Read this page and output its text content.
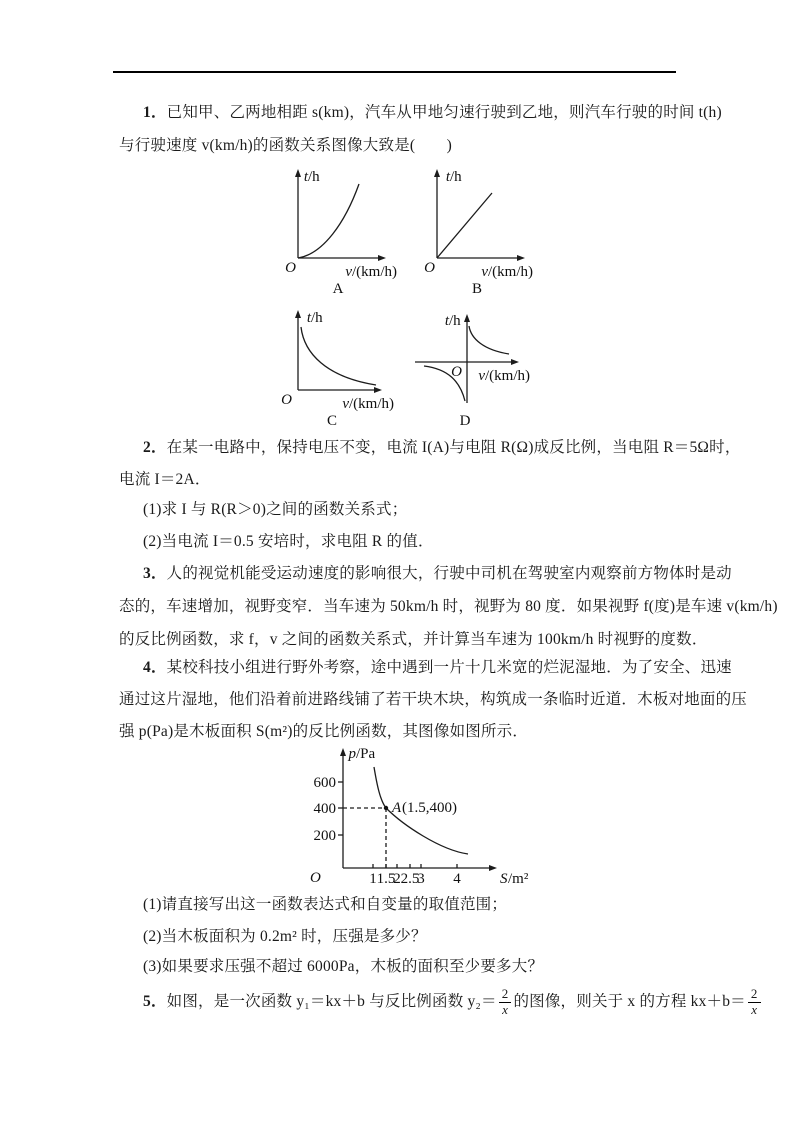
1．已知甲、乙两地相距 s(km)，汽车从甲地匀速行驶到乙地，则汽车行驶的时间 t(h)
与行驶速度 v(km/h)的函数关系图像大致是(　　)
t /h
O	v /(km/h)
A
t /h
O	v /(km/h)
B
t /h
O	v /(km/h)
C
t /h
O v /(km/h)
D
2．在某一电路中，保持电压不变，电流 I(A)与电阻 R(Ω)成反比例，当电阻 R＝5Ω时，
电流 I＝2A．
(1)求 I 与 R(R＞0)之间的函数关系式；
(2)当电流 I＝0.5 安培时，求电阻 R 的值．
3．人的视觉机能受运动速度的影响很大，行驶中司机在驾驶室内观察前方物体时是动
态的，车速增加，视野变窄．当车速为 50km/h 时，视野为 80 度．如果视野 f(度)是车速 v(km/h)
的反比例函数，求 f，v 之间的函数关系式，并计算当车速为 100km/h 时视野的度数．
4．某校科技小组进行野外考察，途中遇到一片十几米宽的烂泥湿地．为了安全、迅速
通过这片湿地，他们沿着前进路线铺了若干块木块，构筑成一条临时近道．木板对地面的压
强 p(Pa)是木板面积 S(m²)的反比例函数，其图像如图所示．
A (1.5,400)
p /Pa
S /m²
600
400
200
1 1.5
2 2.5
3 4
O
(1)请直接写出这一函数表达式和自变量的取值范围；
(2)当木板面积为 0.2m² 时，压强是多少？
(3)如果要求压强不超过 6000Pa，木板的面积至少要多大？
5． 如图，是一次函数 y₁＝kx＋b 与反比例函数 $y_2= \frac{2}{x}$ 的图像，则关于 x 的方程 $kx+b= \frac{2}{x}$
